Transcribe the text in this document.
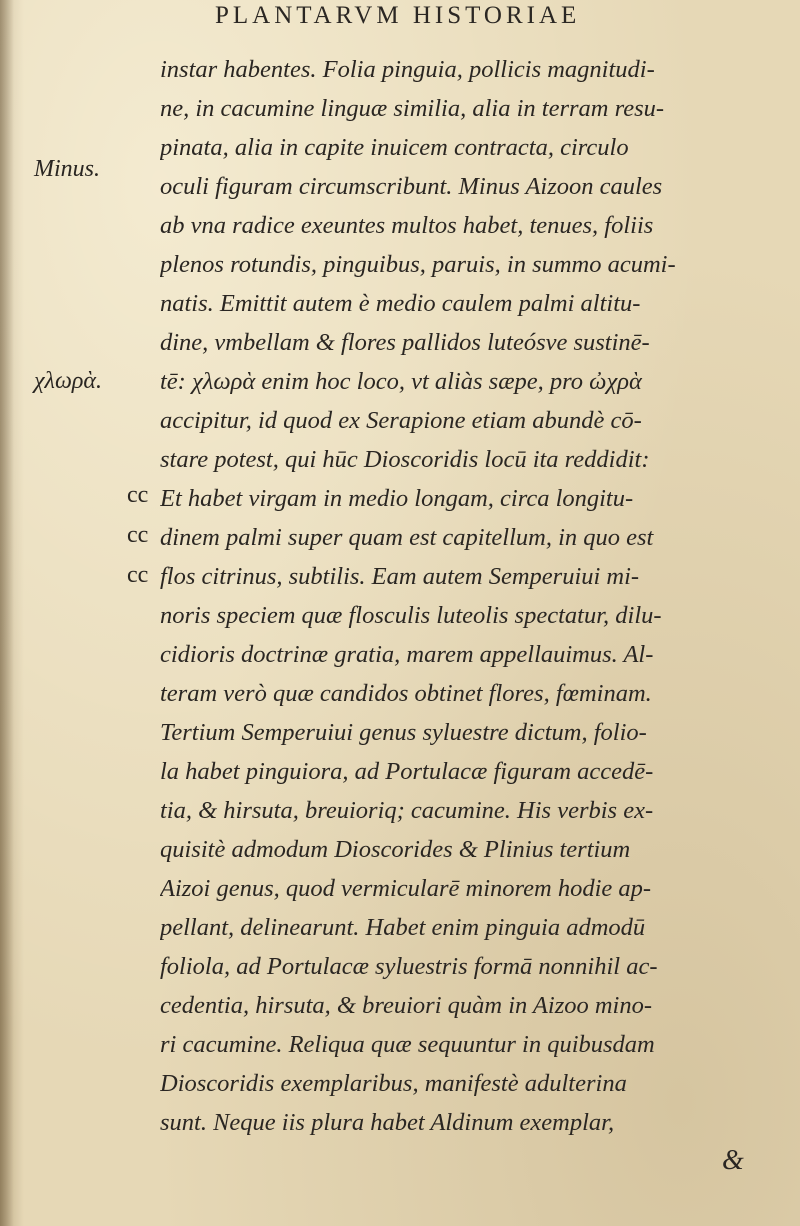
PLANTARVM HISTORIAE
Minus.
χλωρὰ.
cc
cc
cc
instar habentes. Folia pinguia, pollicis magnitudi-
ne, in cacumine linguæ similia, alia in terram resu-
pinata, alia in capite inuicem contracta, circulo
oculi figuram circumscribunt. Minus Aizoon caules
ab vna radice exeuntes multos habet, tenues, foliis
plenos rotundis, pinguibus, paruis, in summo acumi-
natis. Emittit autem è medio caulem palmi altitu-
dine, vmbellam & flores pallidos luteósve sustinē-
tē: χλωρὰ enim hoc loco, vt aliàs sæpe, pro ὠχρὰ
accipitur, id quod ex Serapione etiam abundè cō-
stare potest, qui hūc Dioscoridis locū ita reddidit:
Et habet virgam in medio longam, circa longitu-
dinem palmi super quam est capitellum, in quo est
flos citrinus, subtilis. Eam autem Semperuiui mi-
noris speciem quæ flosculis luteolis spectatur, dilu-
cidioris doctrinæ gratia, marem appellauimus. Al-
teram verò quæ candidos obtinet flores, fœminam.
Tertium Semperuiui genus syluestre dictum, folio-
la habet pinguiora, ad Portulacæ figuram accedē-
tia, & hirsuta, breuioriq; cacumine. His verbis ex-
quisitè admodum Dioscorides & Plinius tertium
Aizoi genus, quod vermicularē minorem hodie ap-
pellant, delinearunt. Habet enim pinguia admodū
foliola, ad Portulacæ syluestris formā nonnihil ac-
cedentia, hirsuta, & breuiori quàm in Aizoo mino-
ri cacumine. Reliqua quæ sequuntur in quibusdam
Dioscoridis exemplaribus, manifestè adulterina
sunt. Neque iis plura habet Aldinum exemplar,
&
